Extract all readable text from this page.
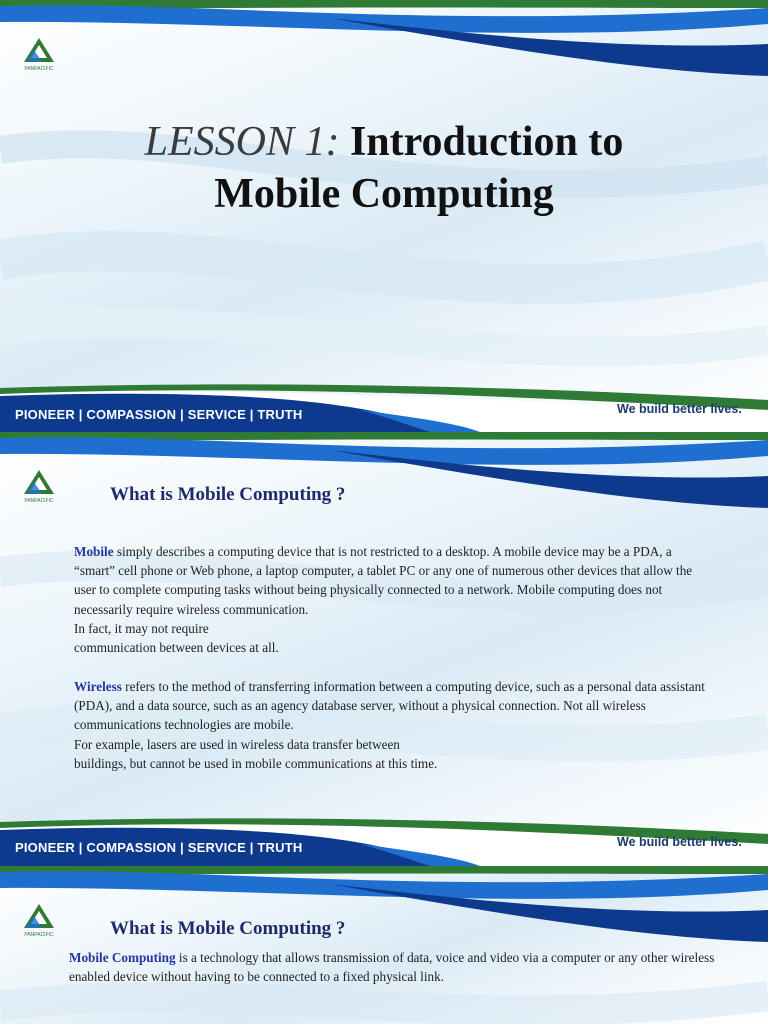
PANPACIFIC
LESSON 1: Introduction to
Mobile Computing
PIONEER | COMPASSION | SERVICE | TRUTH	We build better lives.
PANPACIFIC	What is Mobile Computing ?
Mobile simply describes a computing device that is not restricted to a desktop. A mobile device may be a PDA, a “smart” cell phone or Web phone, a laptop computer, a tablet PC or any one of numerous other devices that allow the user to complete computing tasks without being physically connected to a network. Mobile computing does not necessarily require wireless communication.
In fact, it may not require
communication between devices at all.
Wireless refers to the method of transferring information between a computing device, such as a personal data assistant (PDA), and a data source, such as an agency database server, without a physical connection. Not all wireless communications technologies are mobile.
For example, lasers are used in wireless data transfer between
buildings, but cannot be used in mobile communications at this time.
PIONEER | COMPASSION | SERVICE | TRUTH	We build better lives.
PANPACIFIC	What is Mobile Computing ?
Mobile Computing is a technology that allows transmission of data, voice and video via a computer or any other wireless enabled device without having to be connected to a fixed physical link.
